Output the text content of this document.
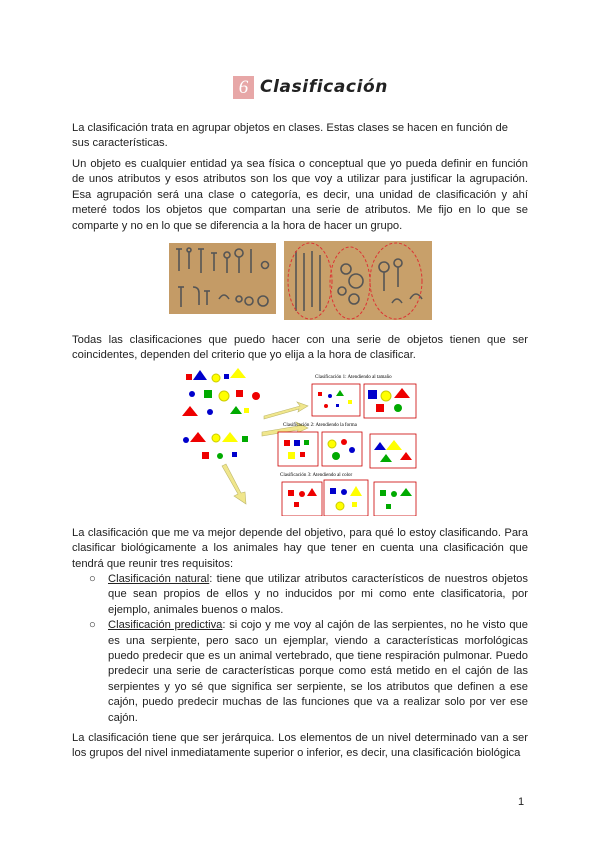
6 Clasificación

La clasificación trata en agrupar objetos en clases. Estas clases se hacen en función de sus características.

Un objeto es cualquier entidad ya sea física o conceptual que yo pueda definir en función de unos atributos y esos atributos son los que voy a utilizar para justificar la agrupación. Esa agrupación será una clase o categoría, es decir, una unidad de clasificación y ahí meteré todos los objetos que compartan una serie de atributos. Me fijo en lo que se comparte y no en lo que se diferencia a la hora de hacer un grupo.

Todas las clasificaciones que puedo hacer con una serie de objetos tienen que ser coincidentes, dependen del criterio que yo elija a la hora de clasificar.

Clasificación 1: Atendiendo al tamaño
Clasificación 2: Atendiendo la forma
Clasificación 3: Atendiendo al color

La clasificación que me va mejor depende del objetivo, para qué lo estoy clasificando. Para clasificar biológicamente a los animales hay que tener en cuenta una clasificación que tendrá que reunir tres requisitos:

○ Clasificación natural: tiene que utilizar atributos característicos de nuestros objetos que sean propios de ellos y no inducidos por mi como ente clasificatoria, por ejemplo, animales buenos o malos.
○ Clasificación predictiva: si cojo y me voy al cajón de las serpientes, no he visto que es una serpiente, pero saco un ejemplar, viendo a características morfológicas puedo predecir que es un animal vertebrado, que tiene respiración pulmonar. Puedo predecir una serie de características porque como está metido en el cajón de las serpientes y yo sé que significa ser serpiente, se los atributos que definen a ese cajón, puedo predecir muchas de las funciones que va a realizar solo por ver ese cajón.

La clasificación tiene que ser jerárquica. Los elementos de un nivel determinado van a ser los grupos del nivel inmediatamente superior o inferior, es decir, una clasificación biológica

1
